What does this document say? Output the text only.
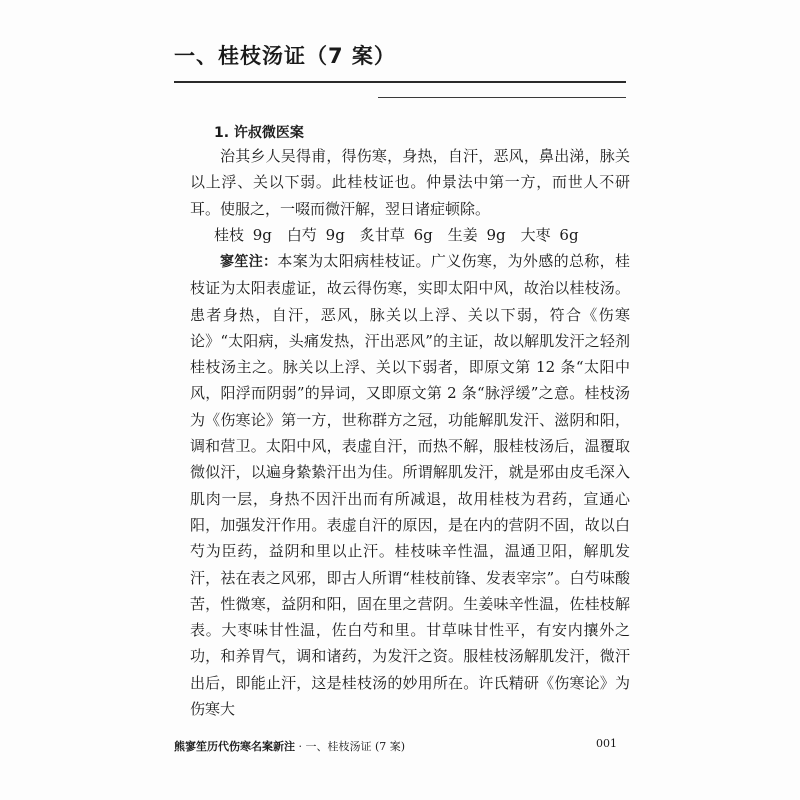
一、桂枝汤证（7 案）
1. 许叔微医案

治其乡人吴得甫，得伤寒，身热，自汗，恶风，鼻出涕，脉关以上浮、关以下弱。此桂枝证也。仲景法中第一方，而世人不研耳。使服之，一啜而微汗解，翌日诸症顿除。

桂枝 9g　白芍 9g　炙甘草 6g　生姜 9g　大枣 6g

寥笙注：本案为太阳病桂枝证。广义伤寒，为外感的总称，桂枝证为太阳表虚证，故云得伤寒，实即太阳中风，故治以桂枝汤。患者身热，自汗，恶风，脉关以上浮、关以下弱，符合《伤寒论》“太阳病，头痛发热，汗出恶风”的主证，故以解肌发汗之轻剂桂枝汤主之。脉关以上浮、关以下弱者，即原文第 12 条“太阳中风，阳浮而阴弱”的异词，又即原文第 2 条“脉浮缓”之意。桂枝汤为《伤寒论》第一方，世称群方之冠，功能解肌发汗、滋阴和阳，调和营卫。太阳中风，表虚自汗，而热不解，服桂枝汤后，温覆取微似汗，以遍身絷絷汗出为佳。所谓解肌发汗，就是邪由皮毛深入肌肉一层，身热不因汗出而有所减退，故用桂枝为君药，宣通心阳，加强发汗作用。表虚自汗的原因，是在内的营阴不固，故以白芍为臣药，益阴和里以止汗。桂枝味辛性温，温通卫阳，解肌发汗，祛在表之风邪，即古人所谓“桂枝前锋、发表宰宗”。白芍味酸苦，性微寒，益阴和阳，固在里之营阴。生姜味辛性温，佐桂枝解表。大枣味甘性温，佐白芍和里。甘草味甘性平，有安内攘外之功，和养胃气，调和诸药，为发汗之资。服桂枝汤解肌发汗，微汗出后，即能止汗，这是桂枝汤的妙用所在。许氏精研《伤寒论》为伤寒大

熊寥笙历代伤寒名案新注 · 一、桂枝汤证 (7 案)	001
